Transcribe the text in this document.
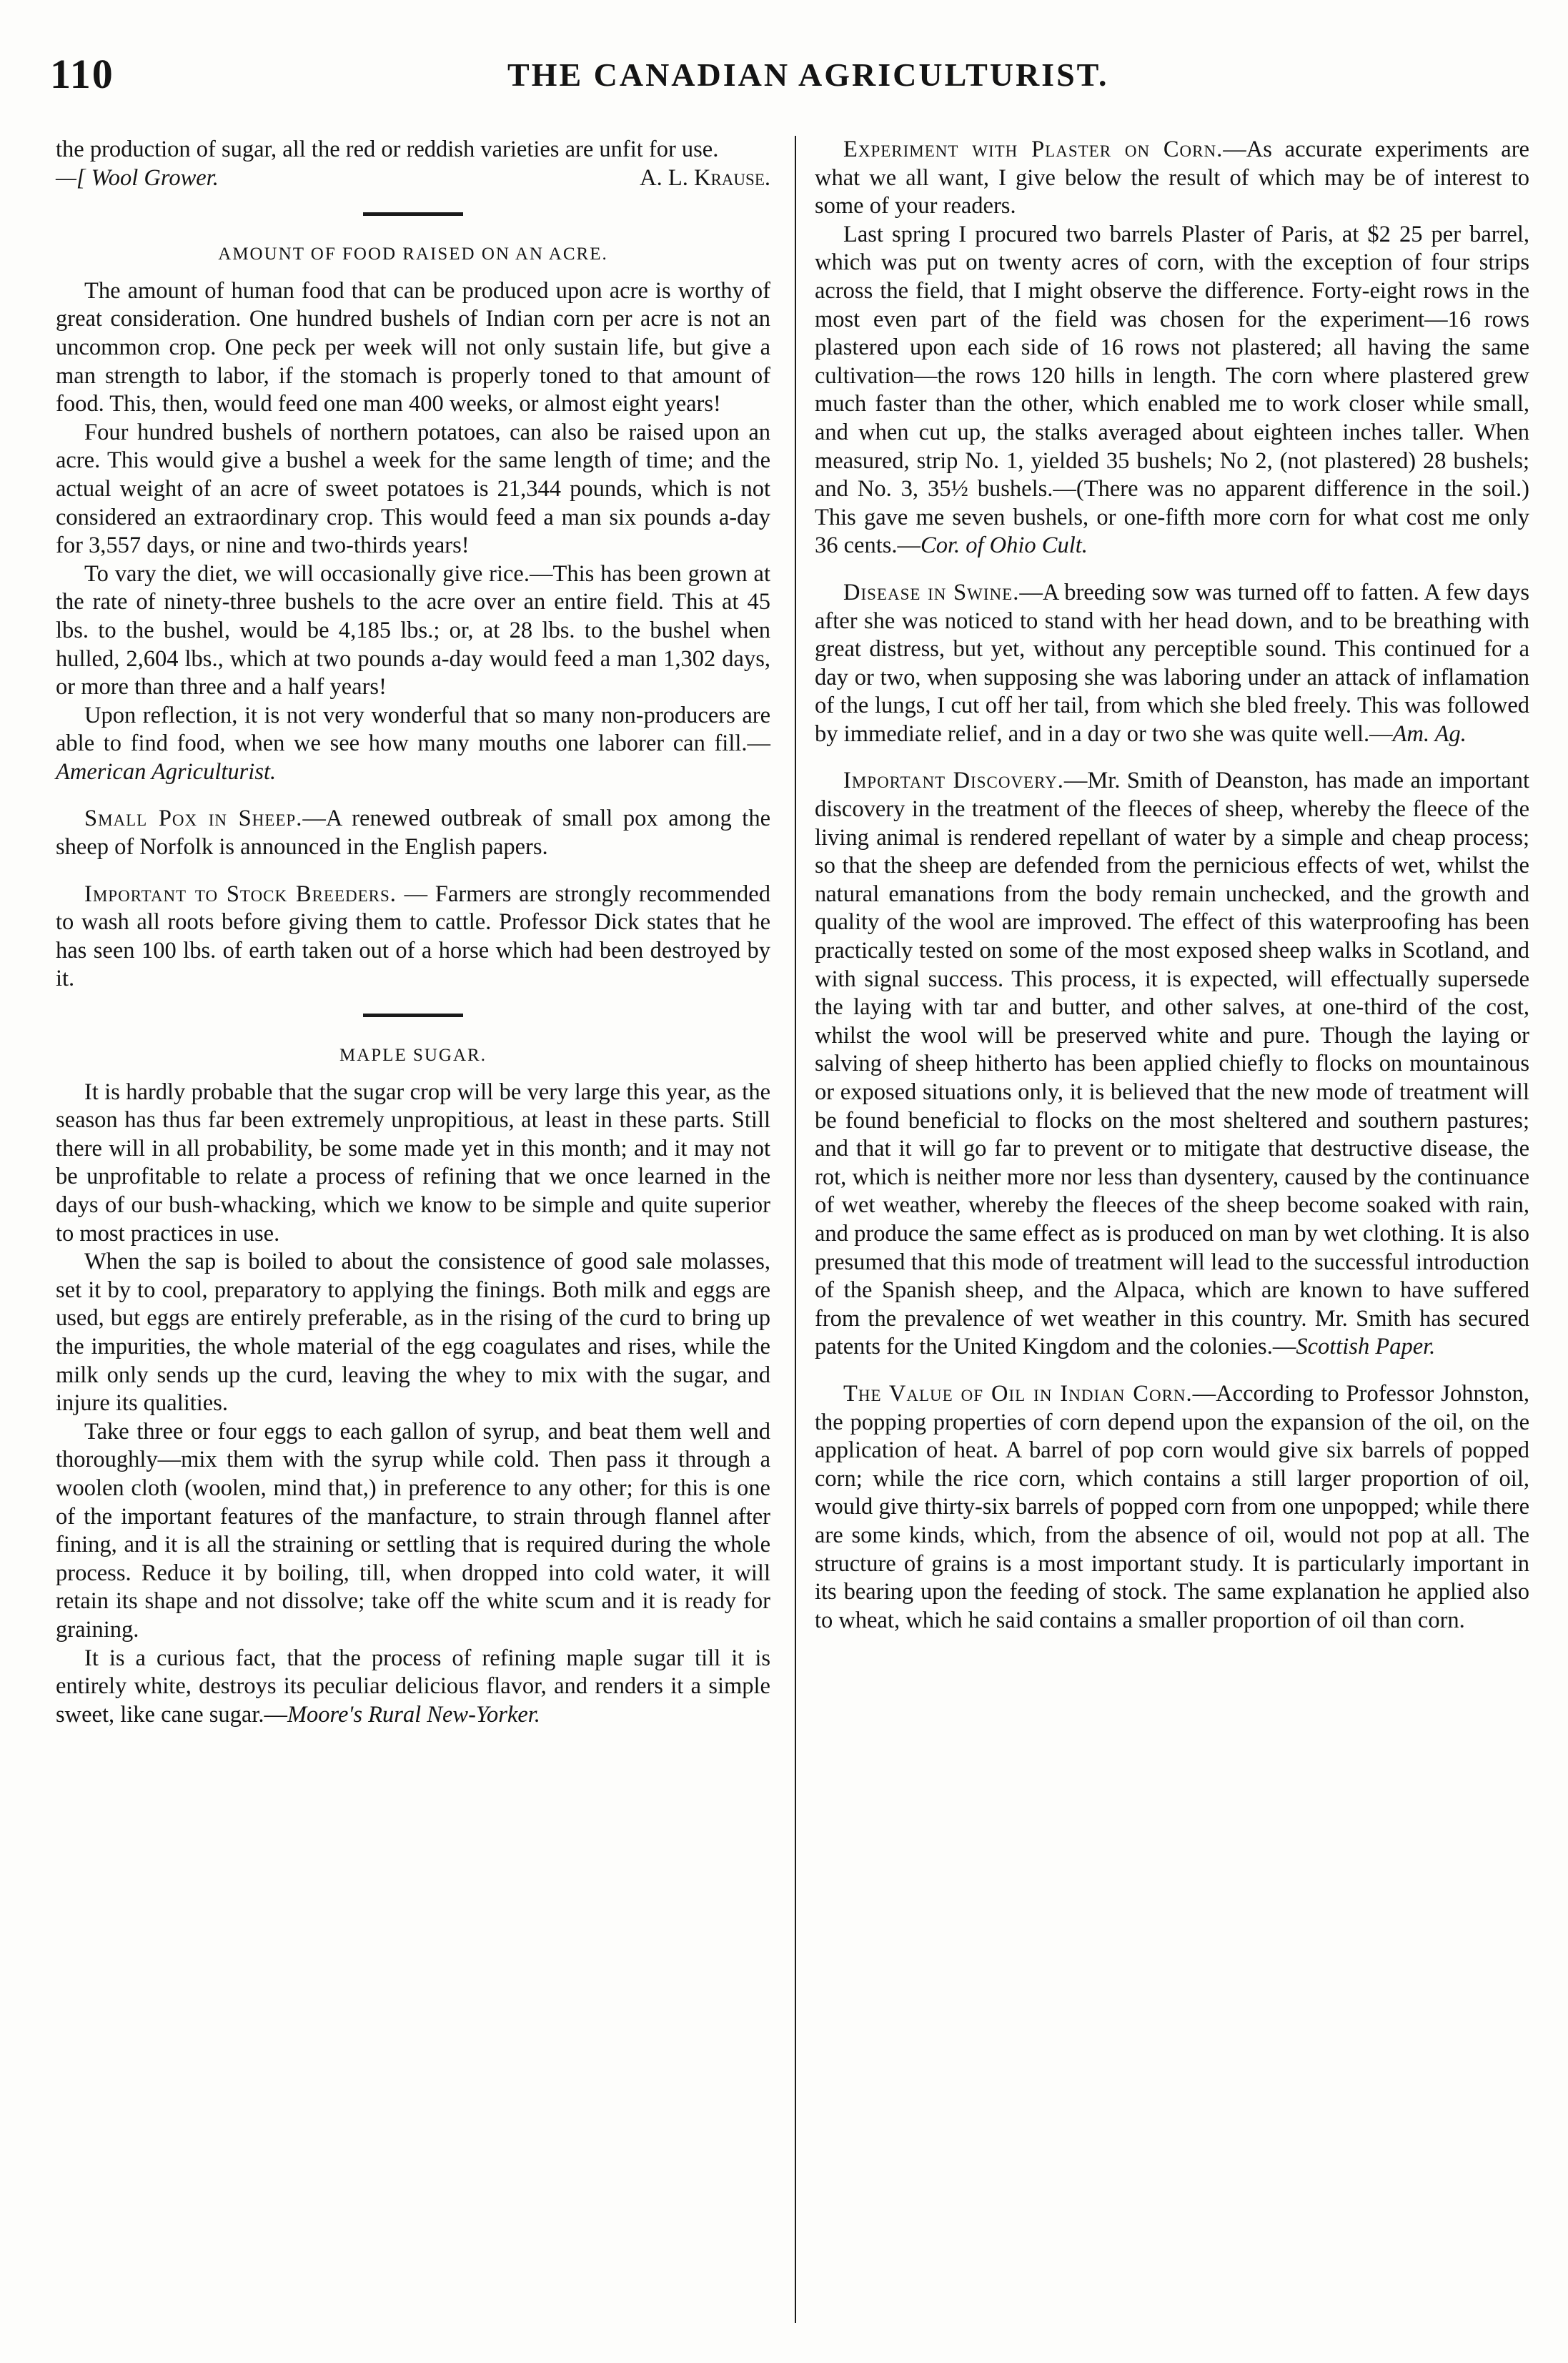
110	THE CANADIAN AGRICULTURIST.

the production of sugar, all the red or reddish varieties are unfit for use.
A. L. Krause.

—[ Wool Grower.

AMOUNT OF FOOD RAISED ON AN ACRE.

The amount of human food that can be produced upon acre is worthy of great consideration. One hundred bushels of Indian corn per acre is not an uncommon crop. One peck per week will not only sustain life, but give a man strength to labor, if the stomach is properly toned to that amount of food. This, then, would feed one man 400 weeks, or almost eight years!

Four hundred bushels of northern potatoes, can also be raised upon an acre. This would give a bushel a week for the same length of time; and the actual weight of an acre of sweet potatoes is 21,344 pounds, which is not considered an extraordinary crop. This would feed a man six pounds a-day for 3,557 days, or nine and two-thirds years!

To vary the diet, we will occasionally give rice.—This has been grown at the rate of ninety-three bushels to the acre over an entire field. This at 45 lbs. to the bushel, would be 4,185 lbs.; or, at 28 lbs. to the bushel when hulled, 2,604 lbs., which at two pounds a-day would feed a man 1,302 days, or more than three and a half years!

Upon reflection, it is not very wonderful that so many non-producers are able to find food, when we see how many mouths one laborer can fill.—American Agriculturist.

Small Pox in Sheep.—A renewed outbreak of small pox among the sheep of Norfolk is announced in the English papers.

Important to Stock Breeders. — Farmers are strongly recommended to wash all roots before giving them to cattle. Professor Dick states that he has seen 100 lbs. of earth taken out of a horse which had been destroyed by it.

MAPLE SUGAR.

It is hardly probable that the sugar crop will be very large this year, as the season has thus far been extremely unpropitious, at least in these parts. Still there will in all probability, be some made yet in this month; and it may not be unprofitable to relate a process of refining that we once learned in the days of our bush-whacking, which we know to be simple and quite superior to most practices in use.

When the sap is boiled to about the consistence of good sale molasses, set it by to cool, preparatory to applying the finings. Both milk and eggs are used, but eggs are entirely preferable, as in the rising of the curd to bring up the impurities, the whole material of the egg coagulates and rises, while the milk only sends up the curd, leaving the whey to mix with the sugar, and injure its qualities.

Take three or four eggs to each gallon of syrup, and beat them well and thoroughly—mix them with the syrup while cold. Then pass it through a woolen cloth (woolen, mind that,) in preference to any other; for this is one of the important features of the manfacture, to strain through flannel after fining, and it is all the straining or settling that is required during the whole process. Reduce it by boiling, till, when dropped into cold water, it will retain its shape and not dissolve; take off the white scum and it is ready for graining.

It is a curious fact, that the process of refining maple sugar till it is entirely white, destroys its peculiar delicious flavor, and renders it a simple sweet, like cane sugar.—Moore's Rural New-Yorker.

Experiment with Plaster on Corn.—As accurate experiments are what we all want, I give below the result of which may be of interest to some of your readers.

Last spring I procured two barrels Plaster of Paris, at $2 25 per barrel, which was put on twenty acres of corn, with the exception of four strips across the field, that I might observe the difference. Forty-eight rows in the most even part of the field was chosen for the experiment—16 rows plastered upon each side of 16 rows not plastered; all having the same cultivation—the rows 120 hills in length. The corn where plastered grew much faster than the other, which enabled me to work closer while small, and when cut up, the stalks averaged about eighteen inches taller. When measured, strip No. 1, yielded 35 bushels; No 2, (not plastered) 28 bushels; and No. 3, 35½ bushels.—(There was no apparent difference in the soil.) This gave me seven bushels, or one-fifth more corn for what cost me only 36 cents.—Cor. of Ohio Cult.

Disease in Swine.—A breeding sow was turned off to fatten. A few days after she was noticed to stand with her head down, and to be breathing with great distress, but yet, without any perceptible sound. This continued for a day or two, when supposing she was laboring under an attack of inflamation of the lungs, I cut off her tail, from which she bled freely. This was followed by immediate relief, and in a day or two she was quite well.—Am. Ag.

Important Discovery.—Mr. Smith of Deanston, has made an important discovery in the treatment of the fleeces of sheep, whereby the fleece of the living animal is rendered repellant of water by a simple and cheap process; so that the sheep are defended from the pernicious effects of wet, whilst the natural emanations from the body remain unchecked, and the growth and quality of the wool are improved. The effect of this waterproofing has been practically tested on some of the most exposed sheep walks in Scotland, and with signal success. This process, it is expected, will effectually supersede the laying with tar and butter, and other salves, at one-third of the cost, whilst the wool will be preserved white and pure. Though the laying or salving of sheep hitherto has been applied chiefly to flocks on mountainous or exposed situations only, it is believed that the new mode of treatment will be found beneficial to flocks on the most sheltered and southern pastures; and that it will go far to prevent or to mitigate that destructive disease, the rot, which is neither more nor less than dysentery, caused by the continuance of wet weather, whereby the fleeces of the sheep become soaked with rain, and produce the same effect as is produced on man by wet clothing. It is also presumed that this mode of treatment will lead to the successful introduction of the Spanish sheep, and the Alpaca, which are known to have suffered from the prevalence of wet weather in this country. Mr. Smith has secured patents for the United Kingdom and the colonies.—Scottish Paper.

The Value of Oil in Indian Corn.—According to Professor Johnston, the popping properties of corn depend upon the expansion of the oil, on the application of heat. A barrel of pop corn would give six barrels of popped corn; while the rice corn, which contains a still larger proportion of oil, would give thirty-six barrels of popped corn from one unpopped; while there are some kinds, which, from the absence of oil, would not pop at all. The structure of grains is a most important study. It is particularly important in its bearing upon the feeding of stock. The same explanation he applied also to wheat, which he said contains a smaller proportion of oil than corn.
